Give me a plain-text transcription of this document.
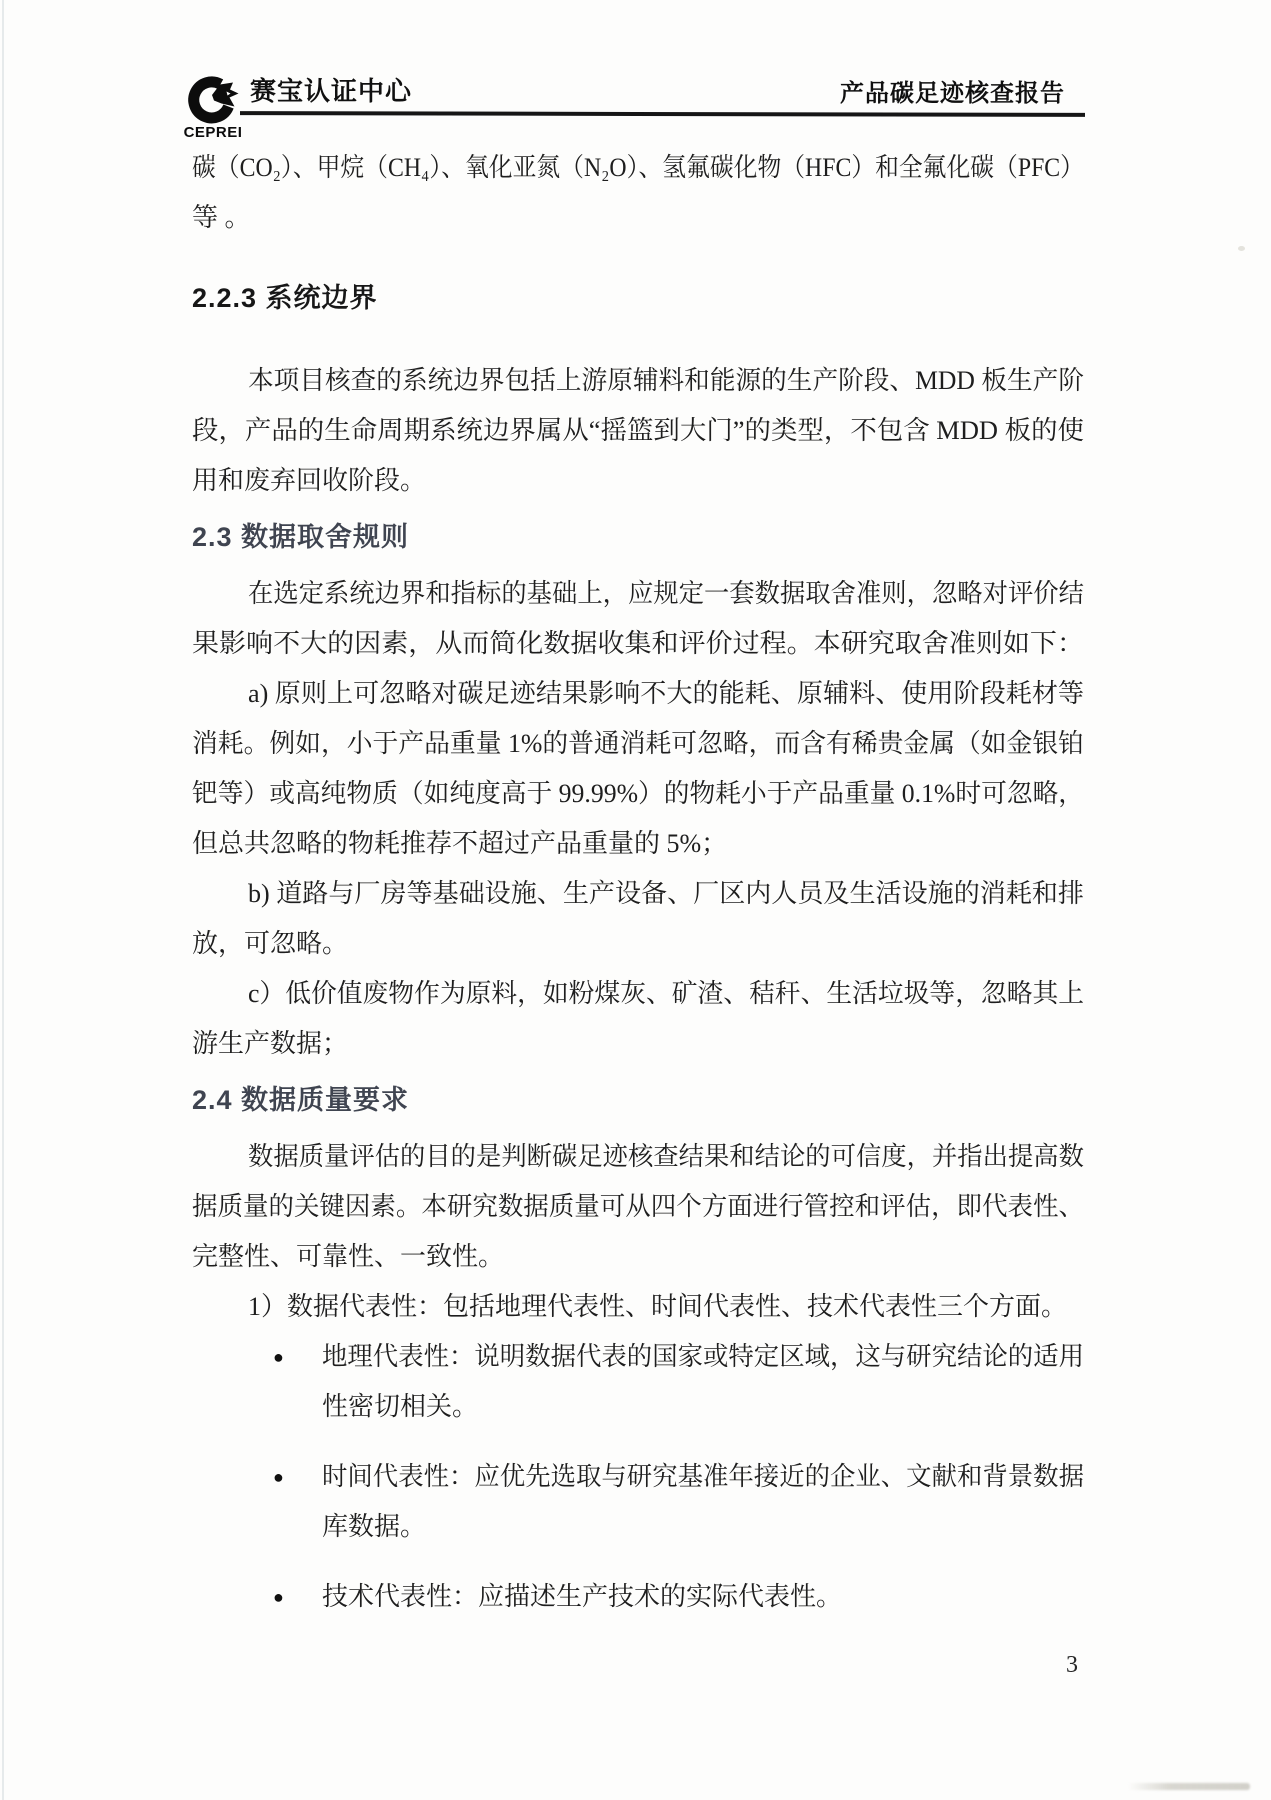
CEPREI
赛宝认证中心	产品碳足迹核查报告
碳（CO₂）、甲烷（CH₄）、氧化亚氮（N₂O）、氢氟碳化物（HFC）和全氟化碳（PFC）
等 。
2.2.3 系统边界
本项目核查的系统边界包括上游原辅料和能源的生产阶段、MDD 板生产阶
段，产品的生命周期系统边界属从“摇篮到大门”的类型，不包含 MDD 板的使
用和废弃回收阶段。
2.3 数据取舍规则
在选定系统边界和指标的基础上，应规定一套数据取舍准则，忽略对评价结
果影响不大的因素，从而简化数据收集和评价过程。本研究取舍准则如下：
a) 原则上可忽略对碳足迹结果影响不大的能耗、原辅料、使用阶段耗材等
消耗。例如，小于产品重量 1%的普通消耗可忽略，而含有稀贵金属（如金银铂
钯等）或高纯物质（如纯度高于 99.99%）的物耗小于产品重量 0.1%时可忽略，
但总共忽略的物耗推荐不超过产品重量的 5%；
b) 道路与厂房等基础设施、生产设备、厂区内人员及生活设施的消耗和排
放，可忽略。
c）低价值废物作为原料，如粉煤灰、矿渣、秸秆、生活垃圾等，忽略其上
游生产数据；
2.4 数据质量要求
数据质量评估的目的是判断碳足迹核查结果和结论的可信度，并指出提高数
据质量的关键因素。本研究数据质量可从四个方面进行管控和评估，即代表性、
完整性、可靠性、一致性。
1）数据代表性：包括地理代表性、时间代表性、技术代表性三个方面。
● 地理代表性：说明数据代表的国家或特定区域，这与研究结论的适用
性密切相关。
● 时间代表性：应优先选取与研究基准年接近的企业、文献和背景数据
库数据。
● 技术代表性：应描述生产技术的实际代表性。
3
